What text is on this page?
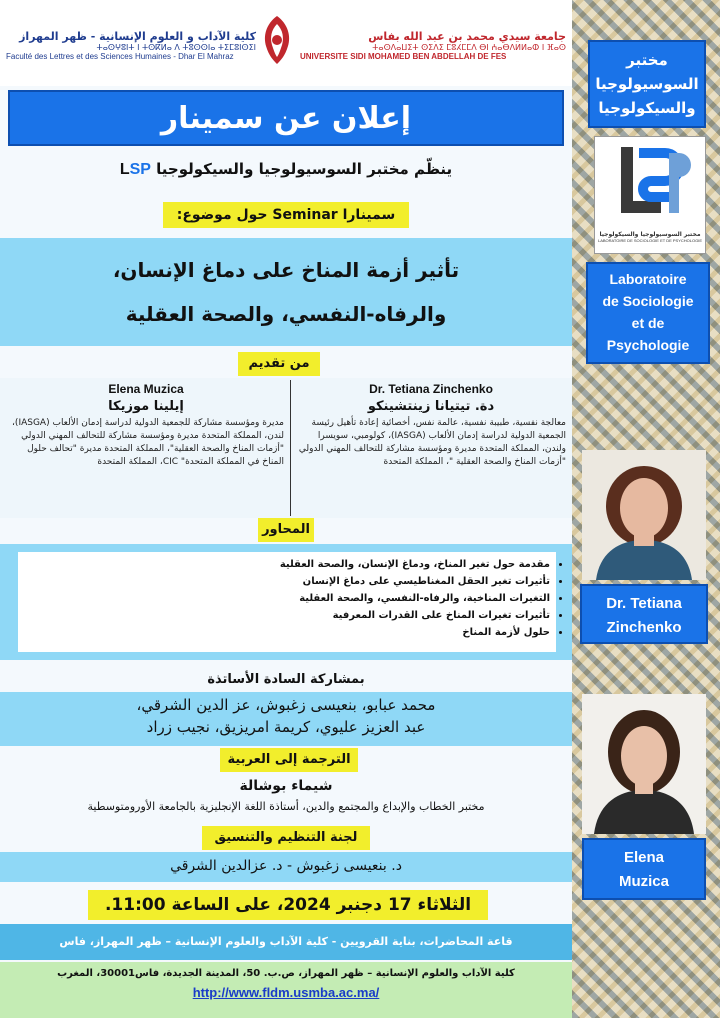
كلية الآداب و العلوم الإنسانية - ظهر المهراز
ⵜⴰⵙⵖⵓⵏⵜ ⵏ ⵜⵙⴽⵍⴰ ⴷ ⵜⵓⵙⵙⵏⴰ ⵜⵉⵎⵓⵏⵙⵉⵏ
Faculté des Lettres et des Sciences Humaines - Dhar El Mahraz
جامعة سيدي محمد بن عبد الله بفاس
ⵜⴰⵙⴷⴰⵡⵉⵜ ⵙⵉⴷⵉ ⵎⵓⵃⵎⵎⴷ ⴱⵏ ⵄⴰⴱⴷⵍⵍⴰⵀ ⵏ ⴼⴰⵙ
UNIVERSITE SIDI MOHAMED BEN ABDELLAH DE FES
إعلان عن سمينار
ينظّم مختبر السوسيولوجيا والسيكولوجيا LSP
سمينارا Seminar حول موضوع:
تأثير أزمة المناخ على دماغ الإنسان،
والرفاه-النفسي، والصحة العقلية
من تقديم
Dr. Tetiana Zinchenko
دة. تيتيانا زينتشينكو
معالجة نفسية، طبيبة نفسية، عالمة نفس، أخصائية إعادة تأهيل رئيسة الجمعية الدولية لدراسة إدمان الألعاب (IASGA)، كولومبي، سويسرا ولندن، المملكة المتحدة مديرة ومؤسسة مشاركة للتحالف المهني الدولي "أزمات المناخ والصحة العقلية "، المملكة المتحدة
Elena Muzica
إيلينا موزيكا
مديرة ومؤسسة مشاركة للجمعية الدولية لدراسة إدمان الألعاب (IASGA)، لندن، المملكة المتحدة مديرة ومؤسسة مشاركة للتحالف المهني الدولي "أزمات المناخ والصحة العقلية"، المملكة المتحدة مديرة "تحالف حلول المناخ في المملكة المتحدة" CIC، المملكة المتحدة
المحاور
• مقدمة حول تغير المناخ، ودماغ الإنسان، والصحة العقلية
• تأثيرات تغير الحقل المغناطيسي على دماغ الإنسان
• التغيرات المناخية، والرفاه-النفسي، والصحة العقلية
• تأثيرات تغيرات المناخ على القدرات المعرفية
• حلول لأزمة المناخ
بمشاركة السادة الأساتذة
محمد عبابو، بنعيسى زغبوش، عز الدين الشرقي،
عبد العزيز عليوي، كريمة امريزيق، نجيب زراد
الترجمة إلى العربية
شيماء بوشالة
مختبر الخطاب والإبداع والمجتمع والدين، أستاذة اللغة الإنجليزية بالجامعة الأورومتوسطية
لجنة التنظيم والتنسيق
د. بنعيسى زغبوش - د. عزالدين الشرقي
الثلاثاء 17 دجنبر 2024، على الساعة 11:00.
قاعة المحاضرات، بناية القرويين - كلية الآداب والعلوم الإنسانية – ظهر المهراز، فاس
كلية الآداب والعلوم الإنسانية – ظهر المهراز، ص.ب. 50، المدينة الجديدة، فاس30001، المغرب
http://www.fldm.usmba.ac.ma/
مختبر
السوسيولوجيا
والسيكولوجيا
مختبر السوسيولوجيا والسيكولوجيا
LABORATOIRE DE SOCIOLOGIE ET DE PSYCHOLOGIE
Laboratoire
de Sociologie
et de
Psychologie
Dr. Tetiana
Zinchenko
Elena
Muzica
